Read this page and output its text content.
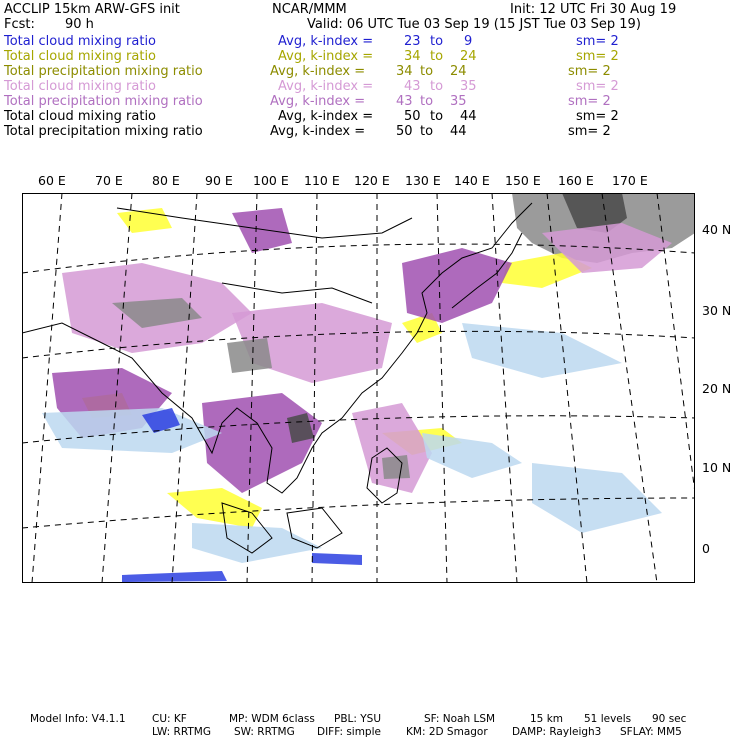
ACCLIP 15km ARW-GFS init	NCAR/MMM	Init: 12 UTC Fri 30 Aug 19
Fcst: 90 h	Valid: 06 UTC Tue 03 Sep 19 (15 JST Tue 03 Sep 19)
Total cloud mixing ratio	Avg, k-index = 23 to 9	sm= 2
Total cloud mixing ratio	Avg, k-index = 34 to 24	sm= 2
Total precipitation mixing ratio	Avg, k-index = 34 to 24	sm= 2
Total cloud mixing ratio	Avg, k-index = 43 to 35	sm= 2
Total precipitation mixing ratio	Avg, k-index = 43 to 35	sm= 2
Total cloud mixing ratio	Avg, k-index = 50 to 44	sm= 2
Total precipitation mixing ratio	Avg, k-index = 50 to 44	sm= 2
60 E 70 E 80 E 90 E 100 E 110 E 120 E 130 E 140 E 150 E 160 E 170 E
40 N
30 N
20 N
10 N
0
Model Info: V4.1.1	CU: KF	MP: WDM 6class PBL: YSU	SF: Noah LSM	15 km 51 levels 90 sec
LW: RRTMG SW: RRTMG DIFF: simple KM: 2D Smagor DAMP: Rayleigh3 SFLAY: MM5
